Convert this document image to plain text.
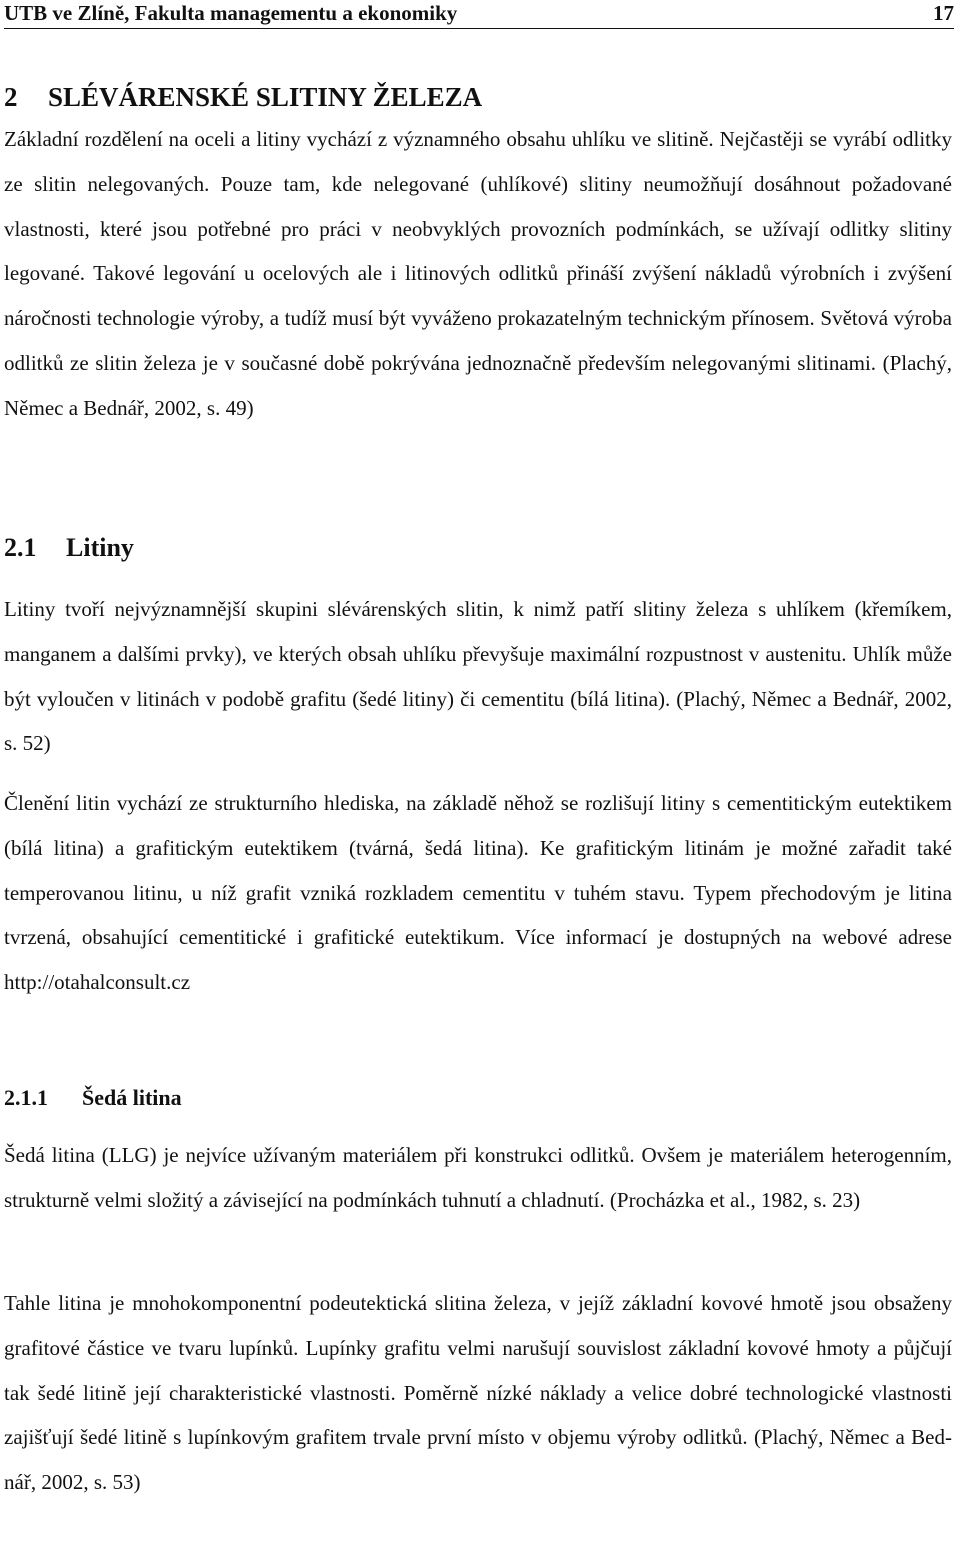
UTB ve Zlíně, Fakulta managementu a ekonomiky	17
2 SLÉVÁRENSKÉ SLITINY ŽELEZA

Základní rozdělení na oceli a litiny vychází z významného obsahu uhlíku ve slitině. Nejčastěji se vyrábí odlitky ze slitin nelegovaných. Pouze tam, kde nelegované (uhlíkové) slitiny neumožňují dosáhnout požadované vlastnosti, které jsou potřebné pro práci v neobvyklých provozních podmínkách, se užívají odlitky slitiny legované. Takové legování u ocelových ale i litinových odlitků přináší zvýšení nákladů výrobních i zvýšení náročnosti technologie výroby, a tudíž musí být vyváženo prokazatelným technickým přínosem. Světová výroba odlitků ze slitin železa je v současné době pokrývána jednoznačně především nelegovanými slitinami. (Plachý, Němec a Bednář, 2002, s. 49)

2.1 Litiny

Litiny tvoří nejvýznamnější skupini slévárenských slitin, k nimž patří slitiny železa s uhlíkem (křemíkem, manganem a dalšími prvky), ve kterých obsah uhlíku převyšuje maximální rozpustnost v austenitu. Uhlík může být vyloučen v litinách v podobě grafitu (šedé litiny) či cementitu (bílá litina). (Plachý, Němec a Bednář, 2002, s. 52)

Členění litin vychází ze strukturního hlediska, na základě něhož se rozlišují litiny s cementitickým eutektikem (bílá litina) a grafitickým eutektikem (tvárná, šedá litina). Ke grafitickým litinám je možné zařadit také temperovanou litinu, u níž grafit vzniká rozkladem cementitu v tuhém stavu. Typem přechodovým je litina tvrzená, obsahující cementitické i grafitické eutektikum. Více informací je dostupných na webové adrese http://otahalconsult.cz

2.1.1 Šedá litina

Šedá litina (LLG) je nejvíce užívaným materiálem při konstrukci odlitků. Ovšem je materiálem heterogenním, strukturně velmi složitý a závisející na podmínkách tuhnutí a chladnutí. (Procházka et al., 1982, s. 23)

Tahle litina je mnohokomponentní podeutektická slitina železa, v jejíž základní kovové hmotě jsou obsaženy grafitové částice ve tvaru lupínků. Lupínky grafitu velmi narušují souvislost základní kovové hmoty a půjčují tak šedé litině její charakteristické vlastnosti. Poměrně nízké náklady a velice dobré technologické vlastnosti zajišťují šedé litině s lupínkovým grafitem trvale první místo v objemu výroby odlitků. (Plachý, Němec a Bednář, 2002, s. 53)
